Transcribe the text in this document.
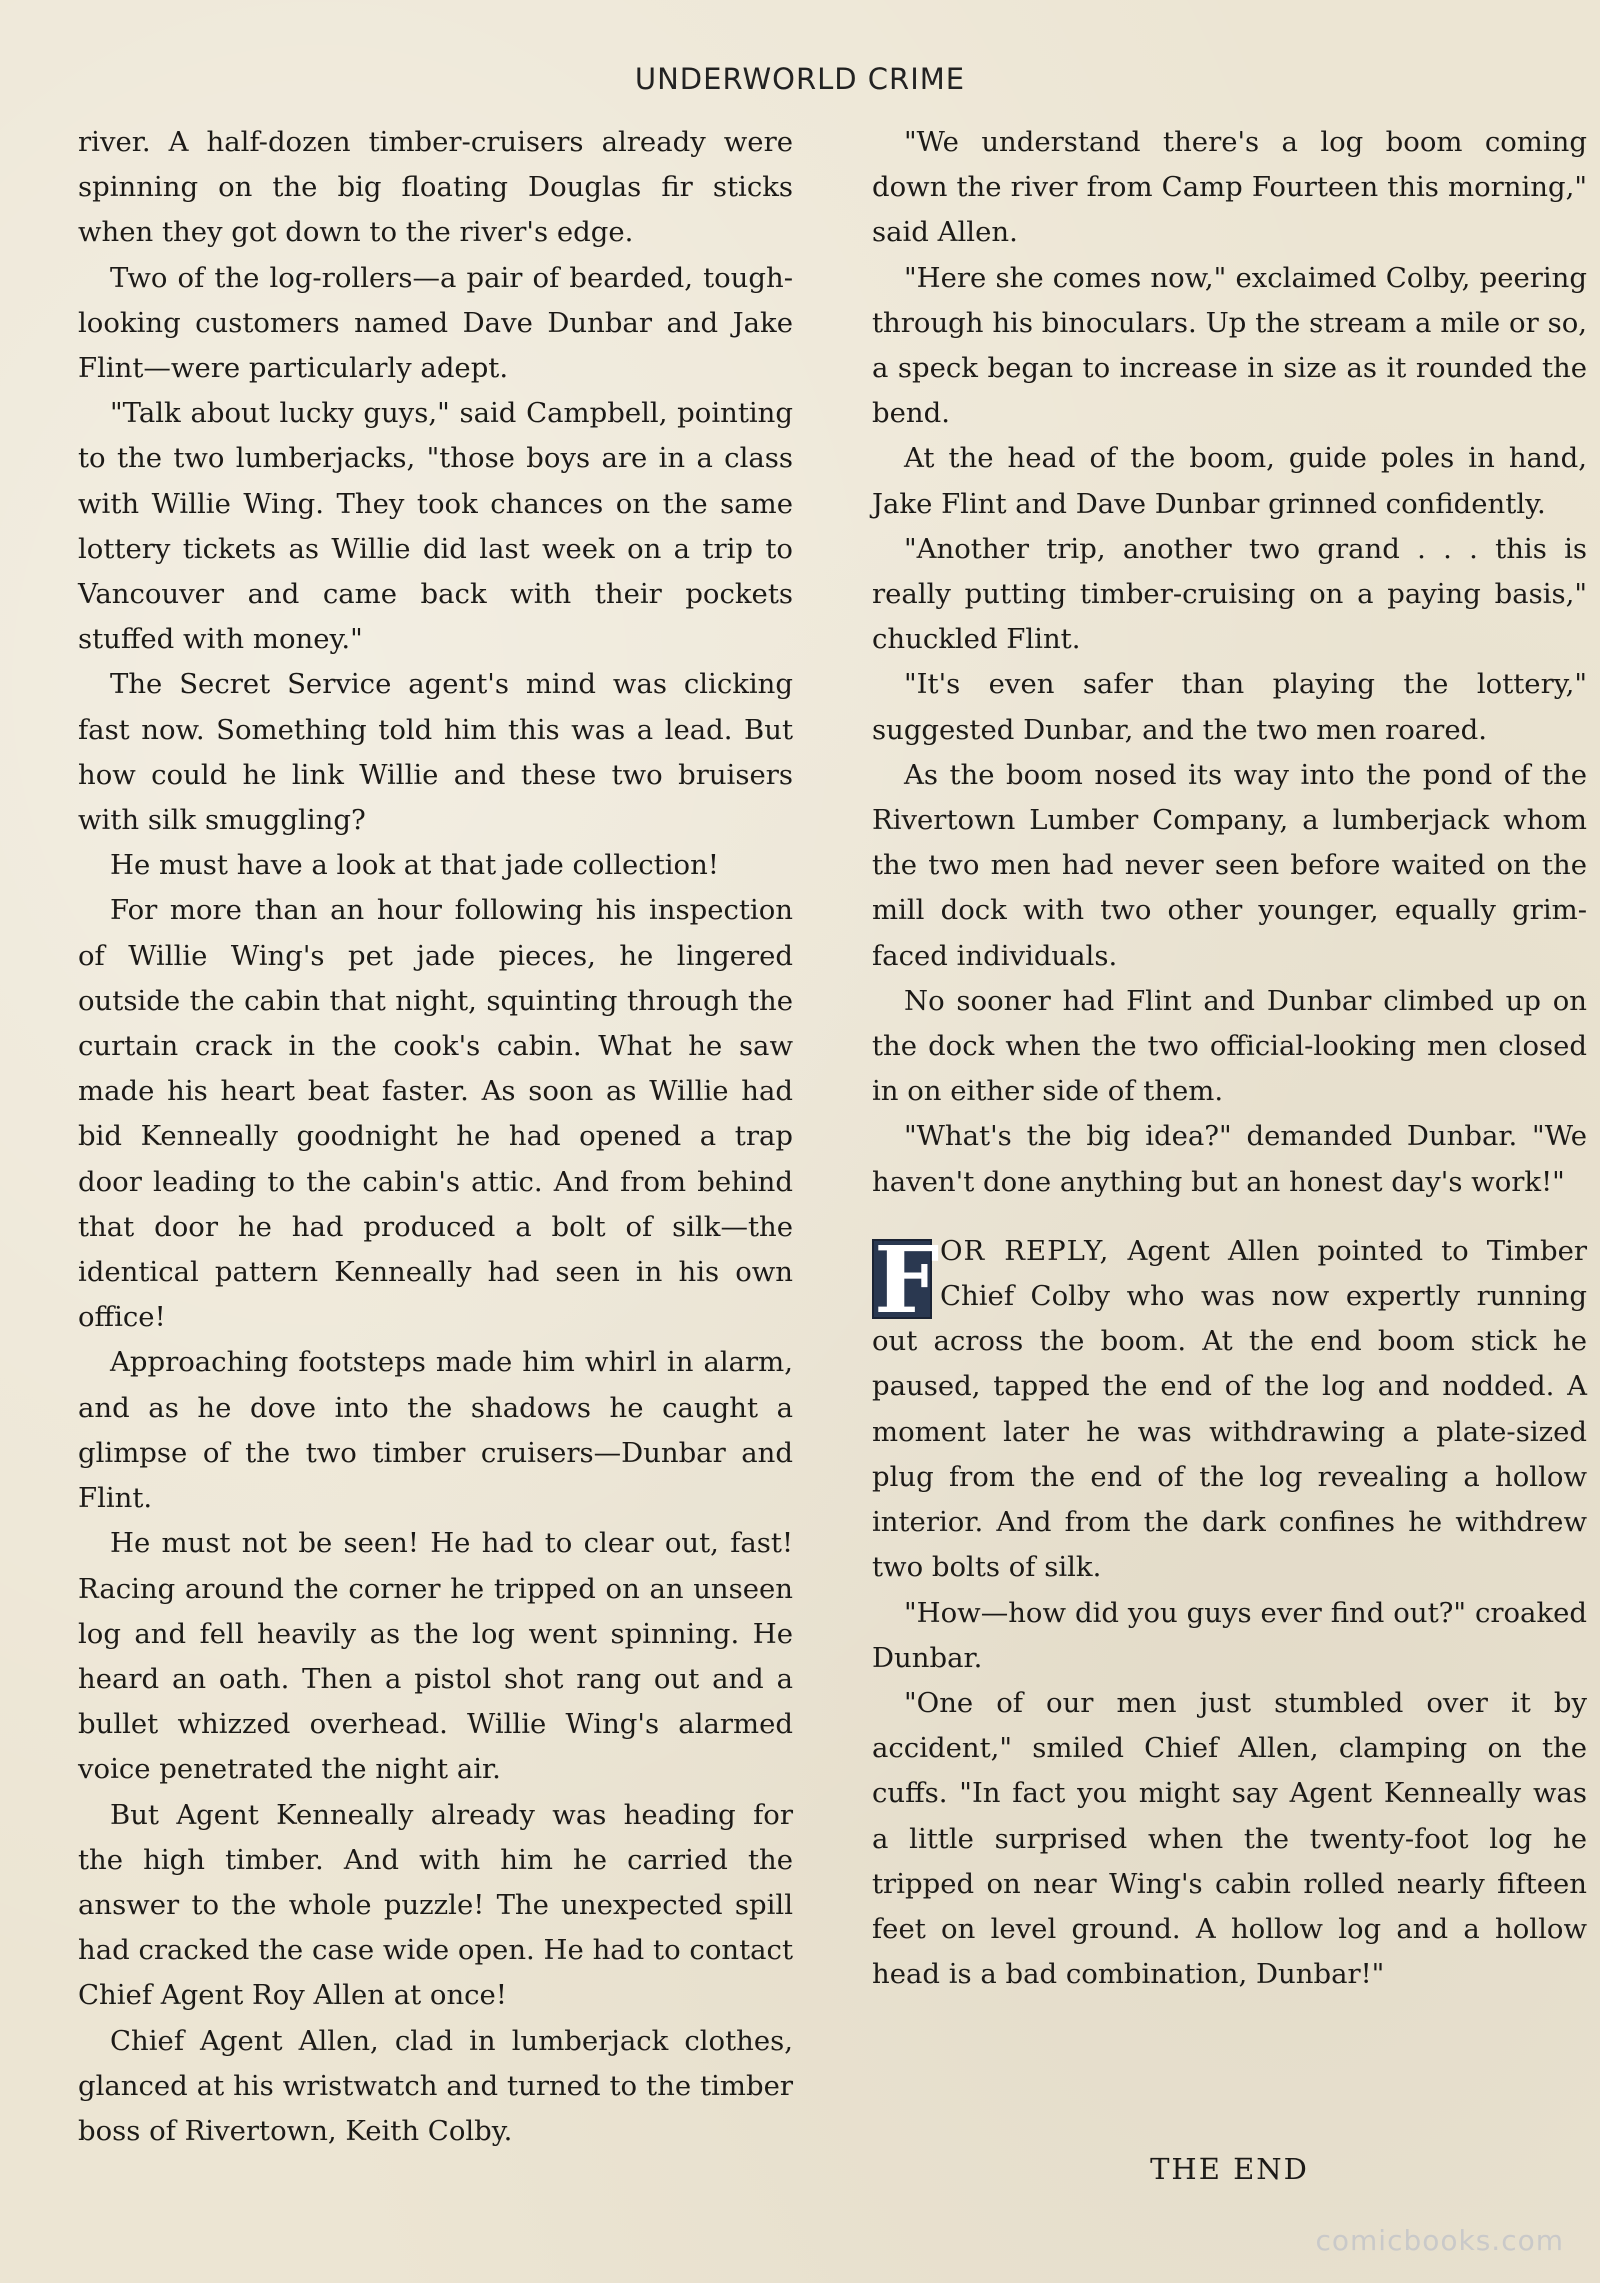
UNDERWORLD CRIME

river. A half-dozen timber-cruisers already were spinning on the big floating Douglas fir sticks when they got down to the river's edge.

Two of the log-rollers—a pair of bearded, tough-looking customers named Dave Dunbar and Jake Flint—were particularly adept.

"Talk about lucky guys," said Campbell, pointing to the two lumberjacks, "those boys are in a class with Willie Wing. They took chances on the same lottery tickets as Willie did last week on a trip to Vancouver and came back with their pockets stuffed with money."

The Secret Service agent's mind was clicking fast now. Something told him this was a lead. But how could he link Willie and these two bruisers with silk smuggling?

He must have a look at that jade collection!

For more than an hour following his inspection of Willie Wing's pet jade pieces, he lingered outside the cabin that night, squinting through the curtain crack in the cook's cabin. What he saw made his heart beat faster. As soon as Willie had bid Kenneally goodnight he had opened a trap door leading to the cabin's attic. And from behind that door he had produced a bolt of silk—the identical pattern Kenneally had seen in his own office!

Approaching footsteps made him whirl in alarm, and as he dove into the shadows he caught a glimpse of the two timber cruisers—Dunbar and Flint.

He must not be seen! He had to clear out, fast! Racing around the corner he tripped on an unseen log and fell heavily as the log went spinning. He heard an oath. Then a pistol shot rang out and a bullet whizzed overhead. Willie Wing's alarmed voice penetrated the night air.

But Agent Kenneally already was heading for the high timber. And with him he carried the answer to the whole puzzle! The unexpected spill had cracked the case wide open. He had to contact Chief Agent Roy Allen at once!

Chief Agent Allen, clad in lumberjack clothes, glanced at his wristwatch and turned to the timber boss of Rivertown, Keith Colby.

"We understand there's a log boom coming down the river from Camp Fourteen this morning," said Allen.

"Here she comes now," exclaimed Colby, peering through his binoculars. Up the stream a mile or so, a speck began to increase in size as it rounded the bend.

At the head of the boom, guide poles in hand, Jake Flint and Dave Dunbar grinned confidently.

"Another trip, another two grand . . . this is really putting timber-cruising on a paying basis," chuckled Flint.

"It's even safer than playing the lottery," suggested Dunbar, and the two men roared.

As the boom nosed its way into the pond of the Rivertown Lumber Company, a lumberjack whom the two men had never seen before waited on the mill dock with two other younger, equally grim-faced individuals.

No sooner had Flint and Dunbar climbed up on the dock when the two official-looking men closed in on either side of them.

"What's the big idea?" demanded Dunbar. "We haven't done anything but an honest day's work!"

F OR REPLY, Agent Allen pointed to Timber Chief Colby who was now expertly running out across the boom. At the end boom stick he paused, tapped the end of the log and nodded. A moment later he was withdrawing a plate-sized plug from the end of the log revealing a hollow interior. And from the dark confines he withdrew two bolts of silk.

"How—how did you guys ever find out?" croaked Dunbar.

"One of our men just stumbled over it by accident," smiled Chief Allen, clamping on the cuffs. "In fact you might say Agent Kenneally was a little surprised when the twenty-foot log he tripped on near Wing's cabin rolled nearly fifteen feet on level ground. A hollow log and a hollow head is a bad combination, Dunbar!"

THE END
comicbooks.com
